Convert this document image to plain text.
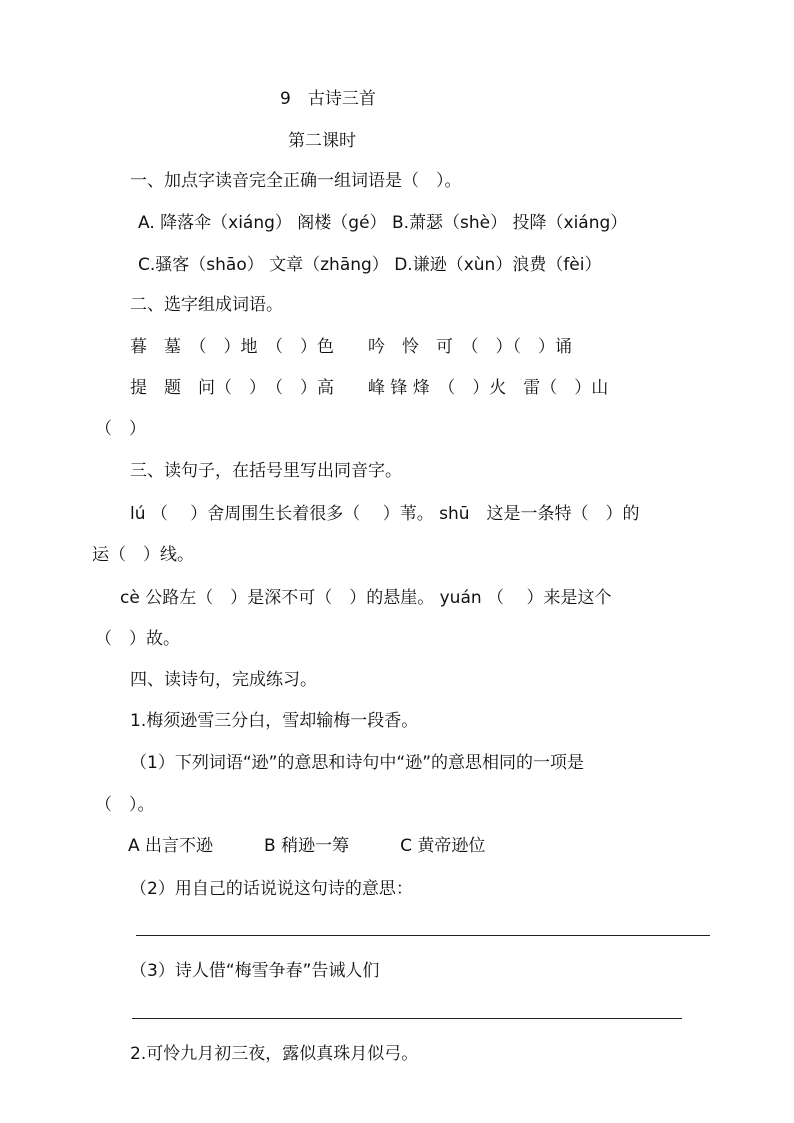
9　古诗三首
第二课时
一、加点字读音完全正确一组词语是（　）。
A. 降落伞（xiáng） 阁楼（gé） B.萧瑟（shè） 投降（xiáng）
C.骚客（shāo） 文章（zhāng） D.谦逊（xùn）浪费（fèi）
二、选字组成词语。
暮　墓　（　）地　（　）色　　吟　怜　可　（　）（　）诵
提　题　问（　）　（　）高　　峰 锋 烽　（　）火　雷（　）山
（　）
三、读句子，在括号里写出同音字。
lú （　 ）舍周围生长着很多（　 ）苇。 shū　这是一条特（　）的
运（　）线。
cè 公路左（　）是深不可（　）的悬崖。 yuán （　 ）来是这个
（　）故。
四、读诗句，完成练习。
1.梅须逊雪三分白，雪却输梅一段香。
（1）下列词语“逊”的意思和诗句中“逊”的意思相同的一项是
（　）。
A 出言不逊　　　B 稍逊一筹　　　C 黄帝逊位
（2）用自己的话说说这句诗的意思：
（3）诗人借“梅雪争春”告诫人们
2.可怜九月初三夜，露似真珠月似弓。
